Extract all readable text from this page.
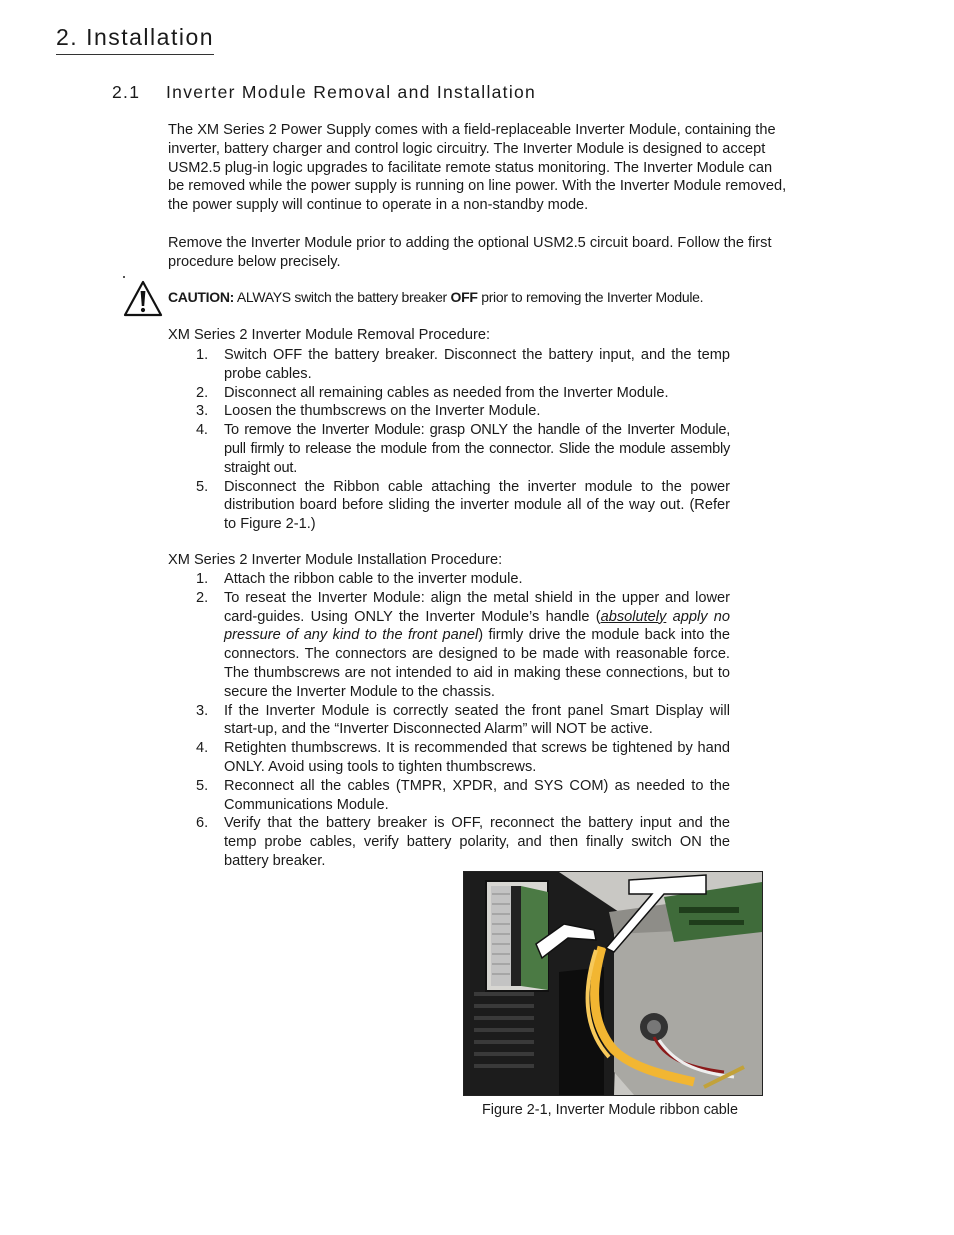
2. Installation
2.1 Inverter Module Removal and Installation
The XM Series 2 Power Supply comes with a field-replaceable Inverter Module, containing the inverter, battery charger and control logic circuitry. The Inverter Module is designed to accept USM2.5 plug-in logic upgrades to facilitate remote status monitoring. The Inverter Module can be removed while the power supply is running on line power. With the Inverter Module removed, the power supply will continue to operate in a non-standby mode.
Remove the Inverter Module prior to adding the optional USM2.5 circuit board. Follow the first procedure below precisely.
CAUTION: ALWAYS switch the battery breaker OFF prior to removing the Inverter Module.
XM Series 2 Inverter Module Removal Procedure:
1. Switch OFF the battery breaker. Disconnect the battery input, and the temp probe cables.
2. Disconnect all remaining cables as needed from the Inverter Module.
3. Loosen the thumbscrews on the Inverter Module.
4. To remove the Inverter Module: grasp ONLY the handle of the Inverter Module, pull firmly to release the module from the connector. Slide the module assembly straight out.
5. Disconnect the Ribbon cable attaching the inverter module to the power distribution board before sliding the inverter module all of the way out. (Refer to Figure 2-1.)
XM Series 2 Inverter Module Installation Procedure:
1. Attach the ribbon cable to the inverter module.
2. To reseat the Inverter Module: align the metal shield in the upper and lower card-guides. Using ONLY the Inverter Module’s handle (absolutely apply no pressure of any kind to the front panel) firmly drive the module back into the connectors. The connectors are designed to be made with reasonable force. The thumbscrews are not intended to aid in making these connections, but to secure the Inverter Module to the chassis.
3. If the Inverter Module is correctly seated the front panel Smart Display will start-up, and the “Inverter Disconnected Alarm” will NOT be active.
4. Retighten thumbscrews. It is recommended that screws be tightened by hand ONLY. Avoid using tools to tighten thumbscrews.
5. Reconnect all the cables (TMPR, XPDR, and SYS COM) as needed to the Communications Module.
6. Verify that the battery breaker is OFF, reconnect the battery input and the temp probe cables, verify battery polarity, and then finally switch ON the battery breaker.
Figure 2-1, Inverter Module ribbon cable
